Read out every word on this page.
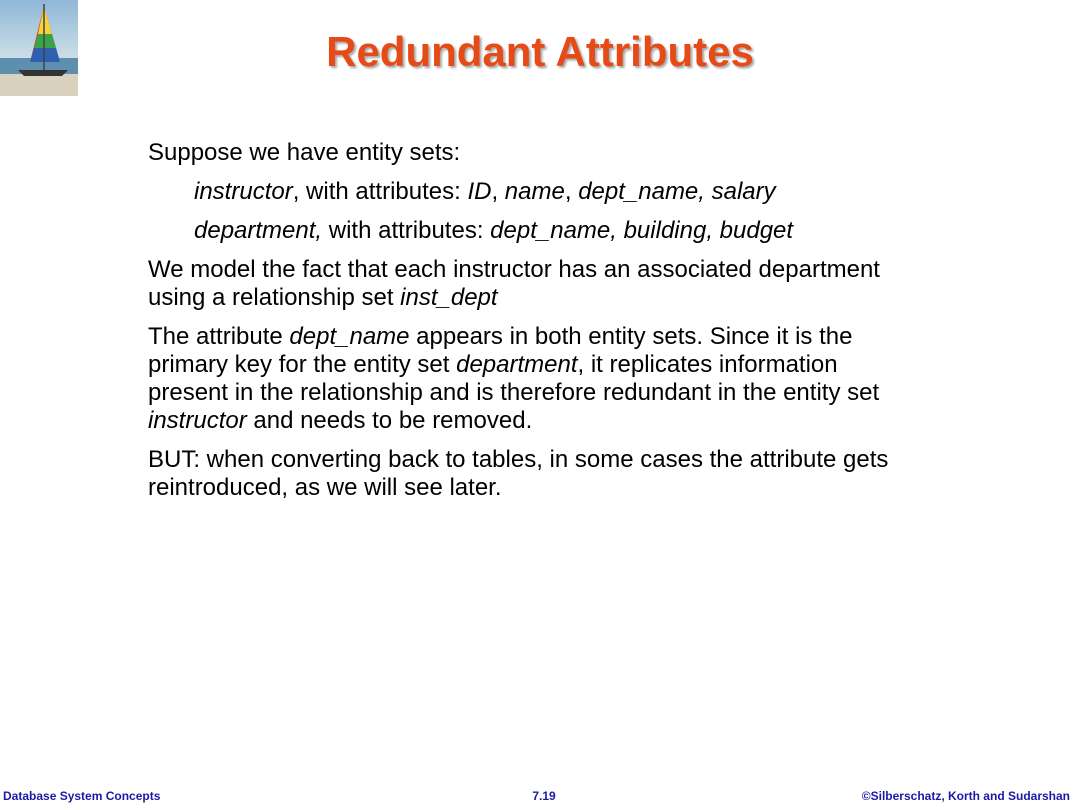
Redundant Attributes

Suppose we have entity sets:

instructor, with attributes: ID, name, dept_name, salary

department, with attributes: dept_name, building, budget

We model the fact that each instructor has an associated department using a relationship set inst_dept

The attribute dept_name appears in both entity sets. Since it is the primary key for the entity set department, it replicates information present in the relationship and is therefore redundant in the entity set instructor and needs to be removed.

BUT: when converting back to tables, in some cases the attribute gets reintroduced, as we will see later.

Database System Concepts	7.19	©Silberschatz, Korth and Sudarshan
